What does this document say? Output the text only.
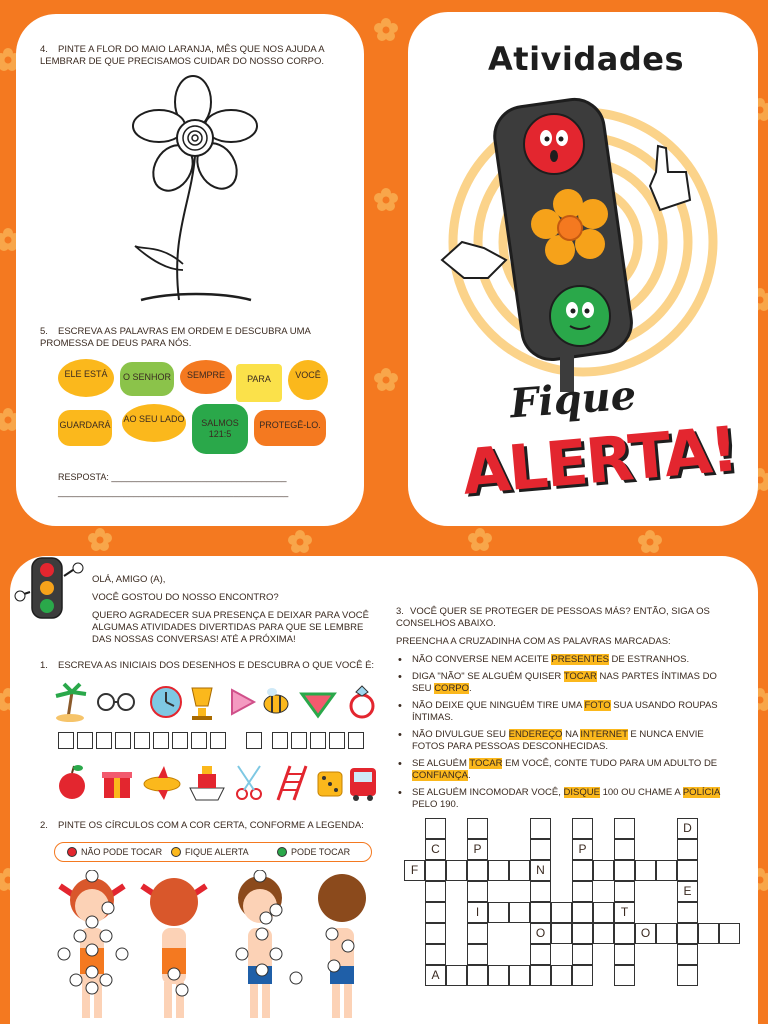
4. PINTE A FLOR DO MAIO LARANJA, MÊS QUE NOS AJUDA A LEMBRAR DE QUE PRECISAMOS CUIDAR DO NOSSO CORPO.
5. ESCREVA AS PALAVRAS EM ORDEM E DESCUBRA UMA PROMESSA DE DEUS PARA NÓS.
ELE ESTÁ	O SENHOR	SEMPRE	PARA	VOCÊ
GUARDARÁ
AO SEU LADO	SALMOS 121:5
PROTEGÊ-LO.
RESPOSTA: ___________________________________
______________________________________________
Atividades
Fique
ALERTA!

OLÁ, AMIGO (A),

VOCÊ GOSTOU DO NOSSO ENCONTRO?

QUERO AGRADECER SUA PRESENÇA E DEIXAR PARA VOCÊ ALGUMAS ATIVIDADES DIVERTIDAS PARA QUE SE LEMBRE DAS NOSSAS CONVERSAS! ATÉ A PRÓXIMA!

1. ESCREVA AS INICIAIS DOS DESENHOS E DESCUBRA O QUE VOCÊ É:
2. PINTE OS CÍRCULOS COM A COR CERTA, CONFORME A LEGENDA:
NÃO PODE TOCAR	FIQUE ALERTA	PODE TOCAR

3. VOCÊ QUER SE PROTEGER DE PESSOAS MÁS? ENTÃO, SIGA OS CONSELHOS ABAIXO.

PREENCHA A CRUZADINHA COM AS PALAVRAS MARCADAS:

• NÃO CONVERSE NEM ACEITE PRESENTES DE ESTRANHOS.
• DIGA "NÃO" SE ALGUÉM QUISER TOCAR NAS PARTES ÍNTIMAS DO SEU CORPO.
• NÃO DEIXE QUE NINGUÉM TIRE UMA FOTO SUA USANDO ROUPAS ÍNTIMAS.
• NÃO DIVULGUE SEU ENDEREÇO NA INTERNET E NUNCA ENVIE FOTOS PARA PESSOAS DESCONHECIDAS.
• SE ALGUÉM TOCAR EM VOCÊ, CONTE TUDO PARA UM ADULTO DE CONFIANÇA.
• SE ALGUÉM INCOMODAR VOCÊ, DISQUE 100 OU CHAME A POLÍCIA PELO 190.
D
C	P	P
N
E
I	T
O
A
F
O
